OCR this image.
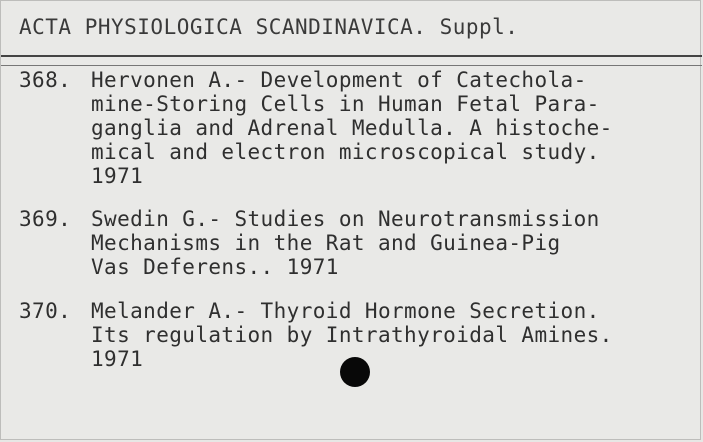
ACTA PHYSIOLOGICA SCANDINAVICA. Suppl.
368. Hervonen A.- Development of Catechola-
mine-Storing Cells in Human Fetal Para-
ganglia and Adrenal Medulla. A histoche-
mical and electron microscopical study.
1971
369. Swedin G.- Studies on Neurotransmission
Mechanisms in the Rat and Guinea-Pig
Vas Deferens.. 1971
370. Melander A.- Thyroid Hormone Secretion.
Its regulation by Intrathyroidal Amines.
1971
